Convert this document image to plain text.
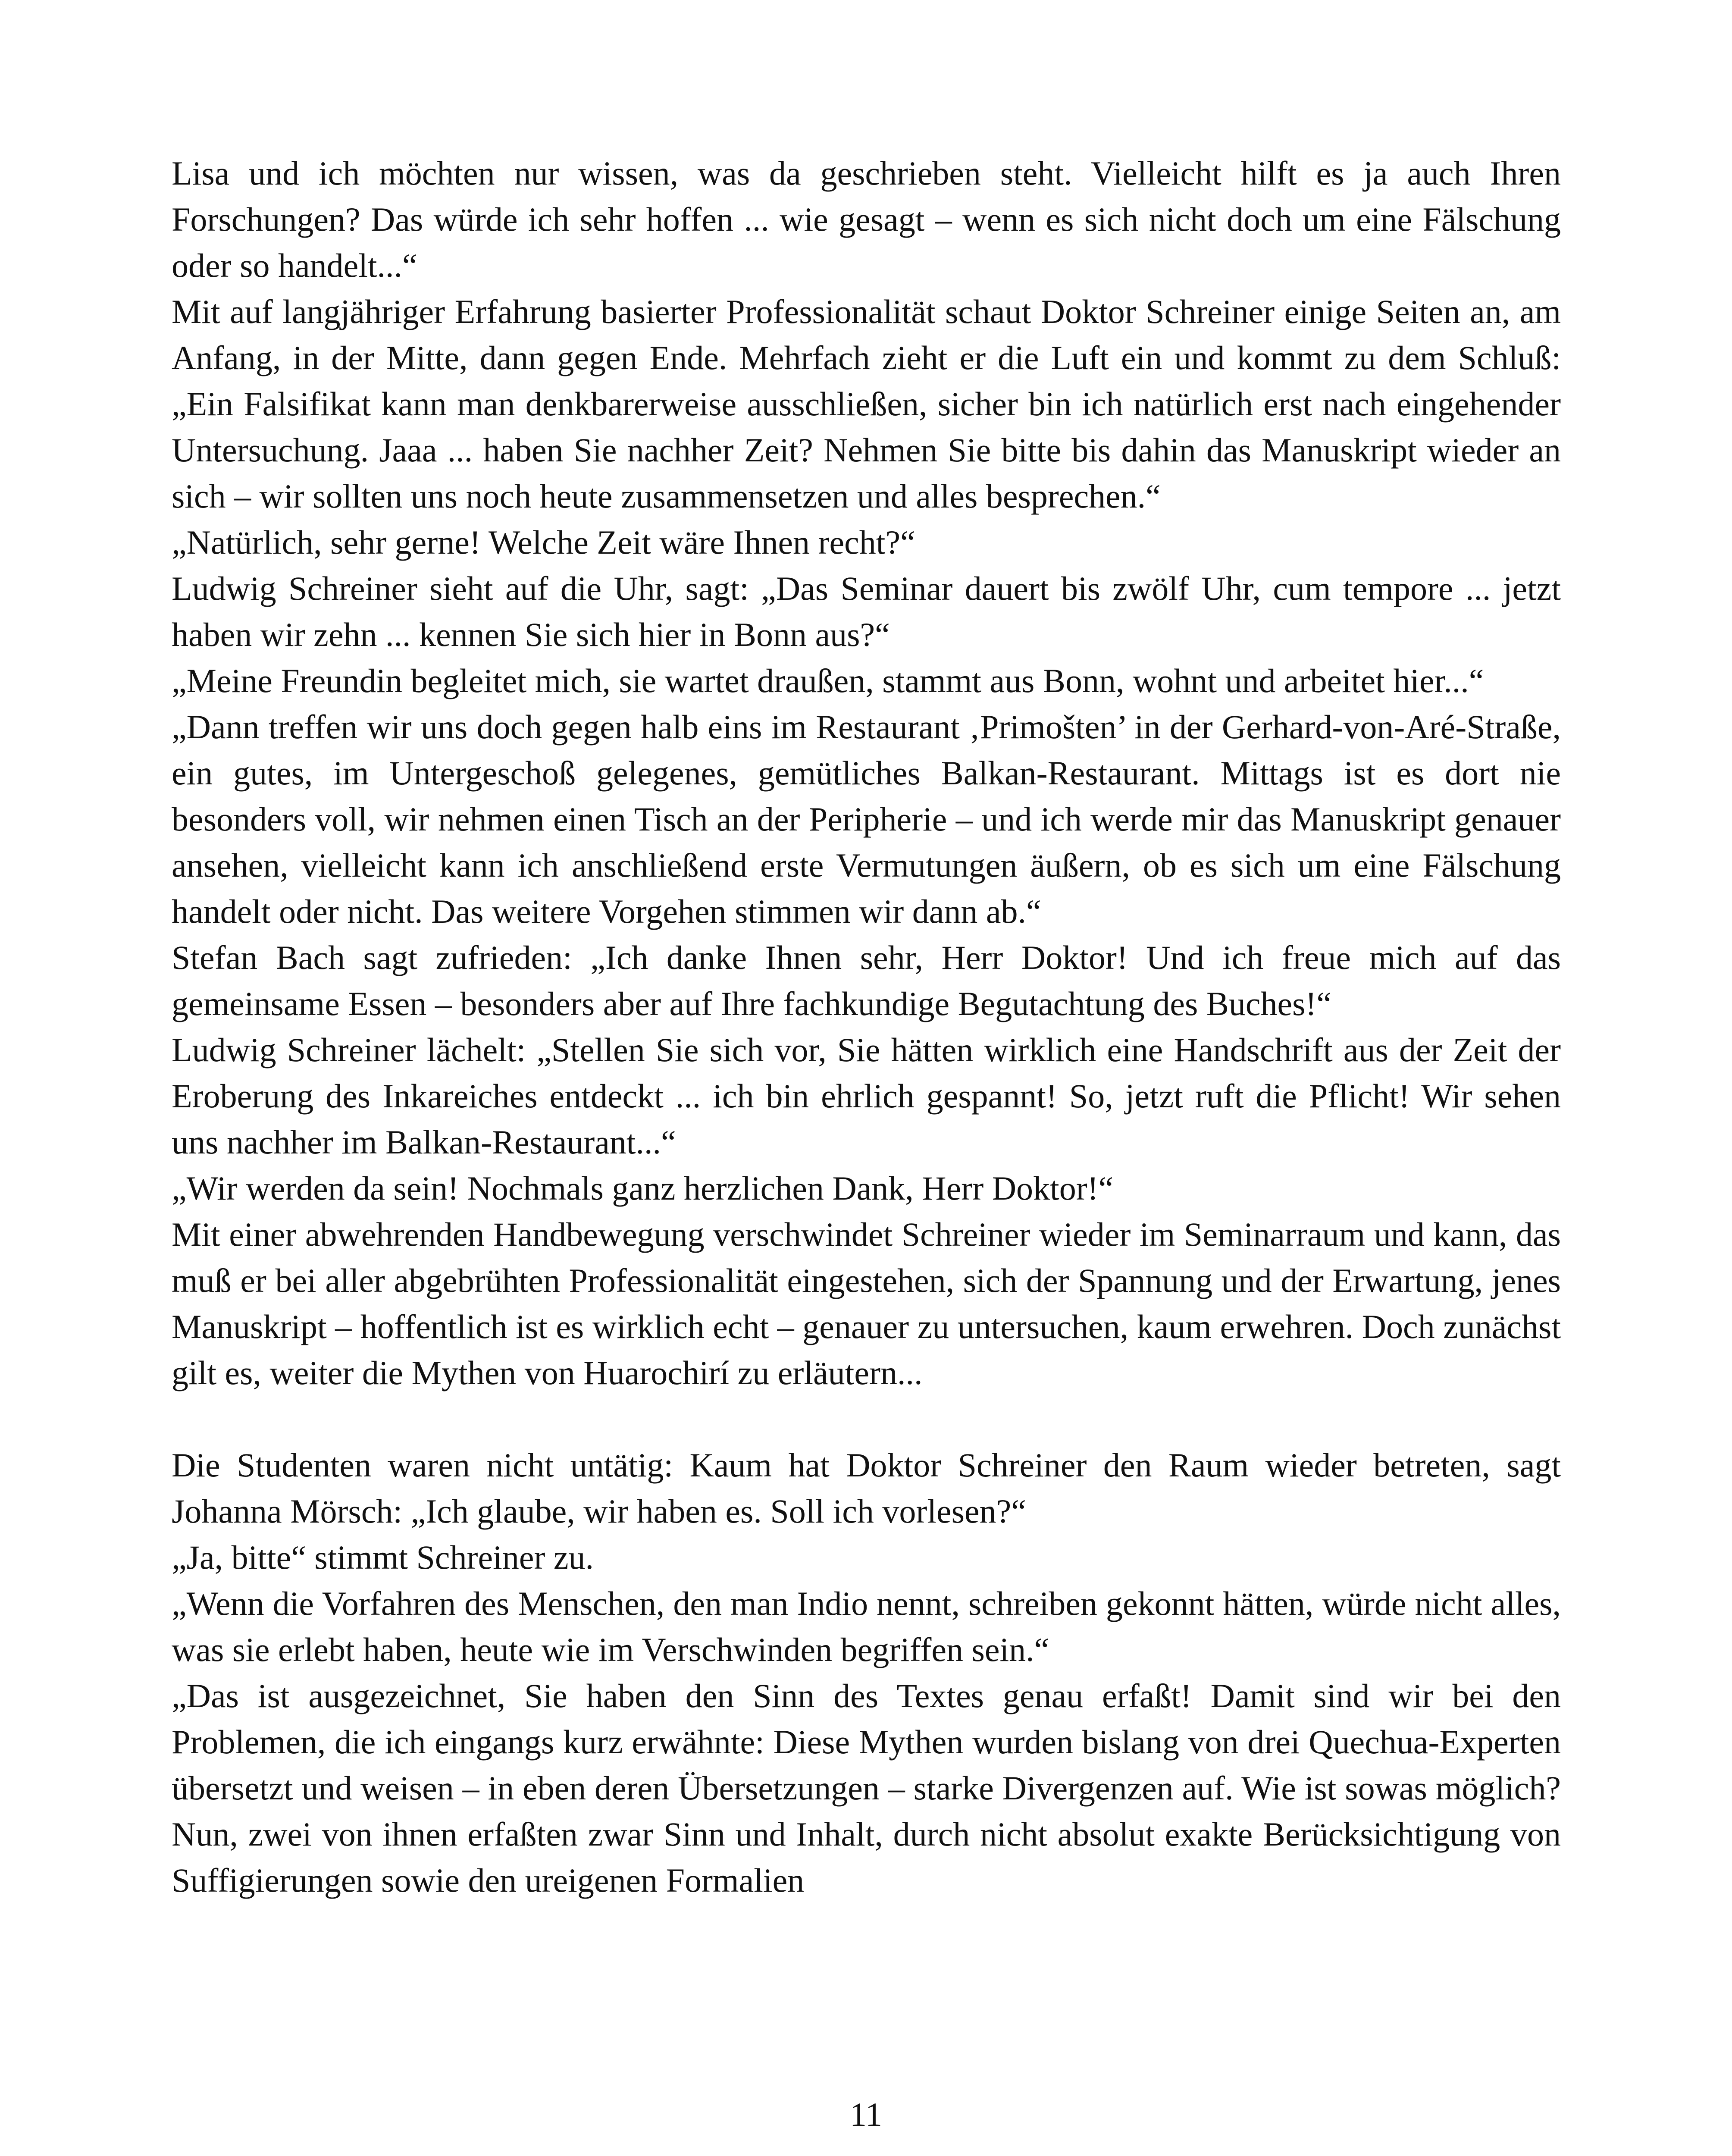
Lisa und ich möchten nur wissen, was da geschrieben steht. Vielleicht hilft es ja auch Ihren Forschungen? Das würde ich sehr hoffen ... wie gesagt – wenn es sich nicht doch um eine Fälschung oder so handelt...“

Mit auf langjähriger Erfahrung basierter Professionalität schaut Doktor Schreiner einige Seiten an, am Anfang, in der Mitte, dann gegen Ende. Mehrfach zieht er die Luft ein und kommt zu dem Schluß: „Ein Falsifikat kann man denkbarerweise ausschließen, sicher bin ich natürlich erst nach eingehender Untersuchung. Jaaa ... haben Sie nachher Zeit? Nehmen Sie bitte bis dahin das Manuskript wieder an sich – wir sollten uns noch heute zusammensetzen und alles besprechen.“

„Natürlich, sehr gerne! Welche Zeit wäre Ihnen recht?“

Ludwig Schreiner sieht auf die Uhr, sagt: „Das Seminar dauert bis zwölf Uhr, cum tempore ... jetzt haben wir zehn ... kennen Sie sich hier in Bonn aus?“

„Meine Freundin begleitet mich, sie wartet draußen, stammt aus Bonn, wohnt und arbeitet hier...“

„Dann treffen wir uns doch gegen halb eins im Restaurant ‚Primošten’ in der Gerhard-von-Aré-Straße, ein gutes, im Untergeschoß gelegenes, gemütliches Balkan-Restaurant. Mittags ist es dort nie besonders voll, wir nehmen einen Tisch an der Peripherie – und ich werde mir das Manuskript genauer ansehen, vielleicht kann ich anschließend erste Vermutungen äußern, ob es sich um eine Fälschung handelt oder nicht. Das weitere Vorgehen stimmen wir dann ab.“

Stefan Bach sagt zufrieden: „Ich danke Ihnen sehr, Herr Doktor! Und ich freue mich auf das gemeinsame Essen – besonders aber auf Ihre fachkundige Begutachtung des Buches!“

Ludwig Schreiner lächelt: „Stellen Sie sich vor, Sie hätten wirklich eine Handschrift aus der Zeit der Eroberung des Inkareiches entdeckt ... ich bin ehrlich gespannt! So, jetzt ruft die Pflicht! Wir sehen uns nachher im Balkan-Restaurant...“

„Wir werden da sein! Nochmals ganz herzlichen Dank, Herr Doktor!“

Mit einer abwehrenden Handbewegung verschwindet Schreiner wieder im Seminarraum und kann, das muß er bei aller abgebrühten Professionalität eingestehen, sich der Spannung und der Erwartung, jenes Manuskript – hoffentlich ist es wirklich echt – genauer zu untersuchen, kaum erwehren. Doch zunächst gilt es, weiter die Mythen von Huarochirí zu erläutern...

Die Studenten waren nicht untätig: Kaum hat Doktor Schreiner den Raum wieder betreten, sagt Johanna Mörsch: „Ich glaube, wir haben es. Soll ich vorlesen?“

„Ja, bitte“ stimmt Schreiner zu.

„Wenn die Vorfahren des Menschen, den man Indio nennt, schreiben gekonnt hätten, würde nicht alles, was sie erlebt haben, heute wie im Verschwinden begriffen sein.“

„Das ist ausgezeichnet, Sie haben den Sinn des Textes genau erfaßt! Damit sind wir bei den Problemen, die ich eingangs kurz erwähnte: Diese Mythen wurden bislang von drei Quechua-Experten übersetzt und weisen – in eben deren Übersetzungen – starke Divergenzen auf. Wie ist sowas möglich? Nun, zwei von ihnen erfaßten zwar Sinn und Inhalt, durch nicht absolut exakte Berücksichtigung von Suffigierungen sowie den ureigenen Formalien

11
